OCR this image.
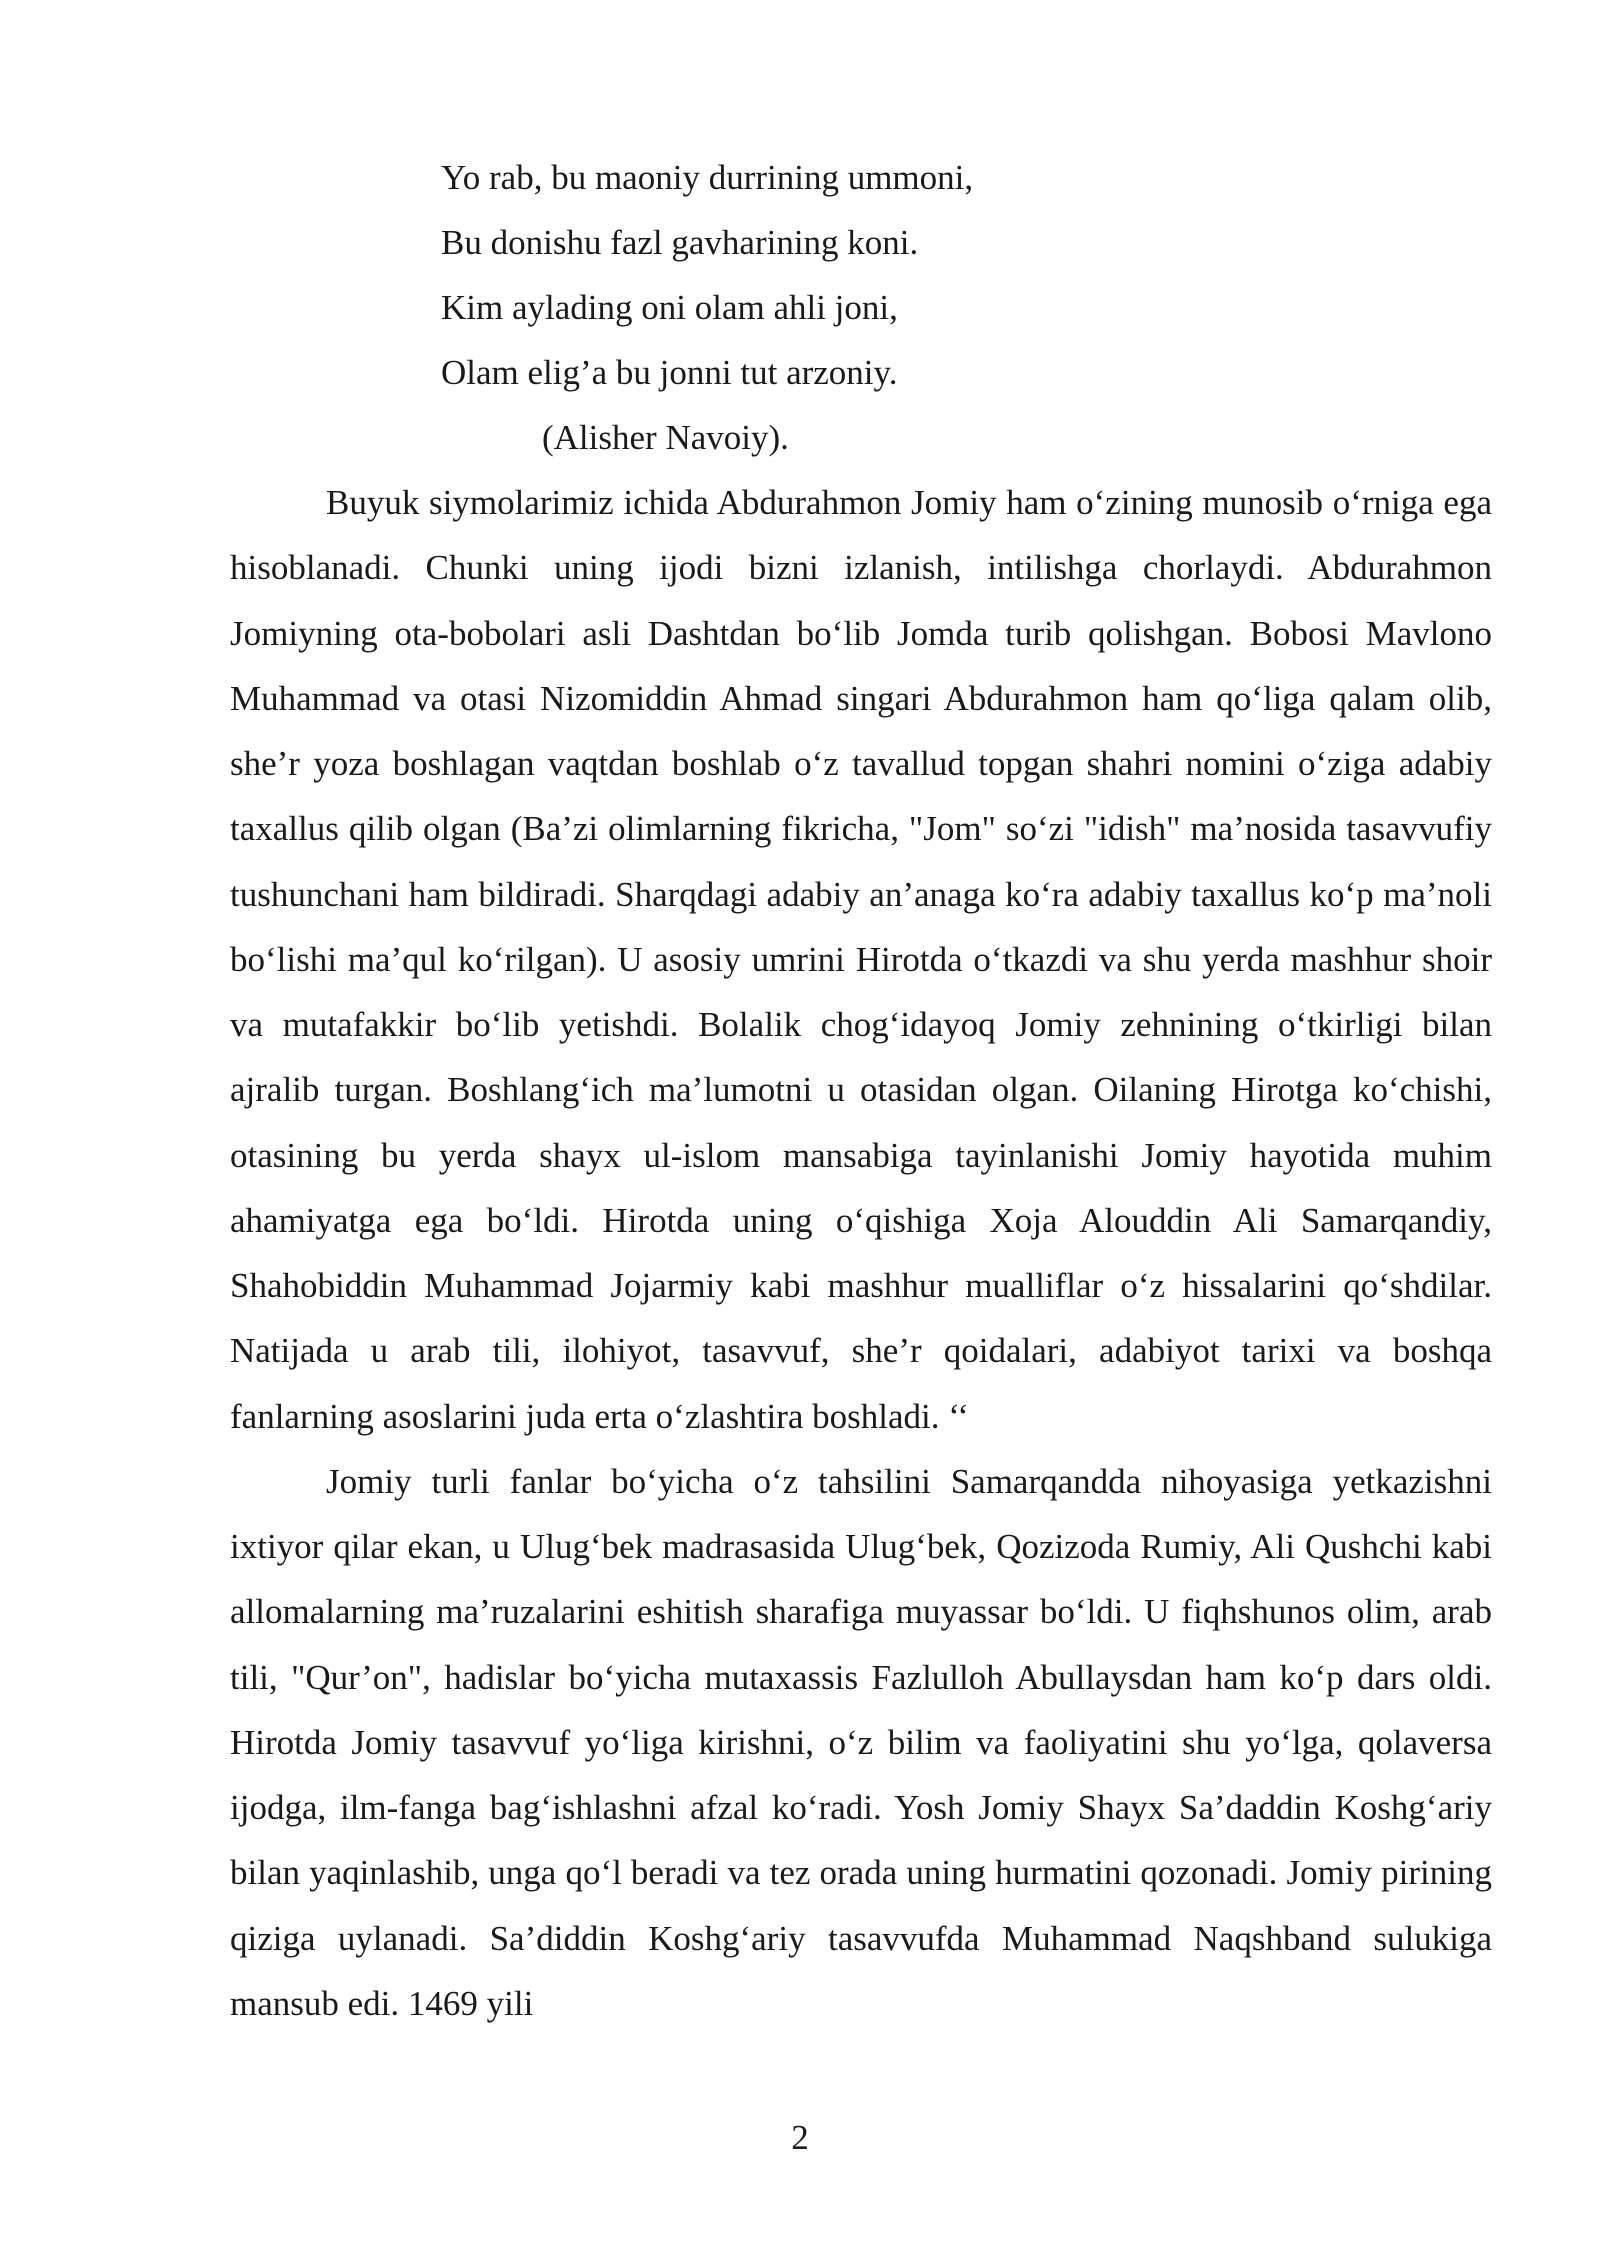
Yo rab, bu maoniy durrining ummoni,
Bu donishu fazl gavharining koni.
Kim aylading oni olam ahli joni,
Olam elig’a bu jonni tut arzoniy.
(Alisher Navoiy).

Buyuk siymolarimiz ichida Abdurahmon Jomiy ham o‘zining munosib o‘rniga ega hisoblanadi. Chunki uning ijodi bizni izlanish, intilishga chorlaydi. Abdurahmon Jomiyning ota-bobolari asli Dashtdan bo‘lib Jomda turib qolishgan. Bobosi Mavlono Muhammad va otasi Nizomiddin Ahmad singari Abdurahmon ham qo‘liga qalam olib, she’r yoza boshlagan vaqtdan boshlab o‘z tavallud topgan shahri nomini o‘ziga adabiy taxallus qilib olgan (Ba’zi olimlarning fikricha, "Jom" so‘zi "idish" ma’nosida tasavvufiy tushunchani ham bildiradi. Sharqdagi adabiy an’anaga ko‘ra adabiy taxallus ko‘p ma’noli bo‘lishi ma’qul ko‘rilgan). U asosiy umrini Hirotda o‘tkazdi va shu yerda mashhur shoir va mutafakkir bo‘lib yetishdi. Bolalik chog‘idayoq Jomiy zehnining o‘tkirligi bilan ajralib turgan. Boshlang‘ich ma’lumotni u otasidan olgan. Oilaning Hirotga ko‘chishi, otasining bu yerda shayx ul-islom mansabiga tayinlanishi Jomiy hayotida muhim ahamiyatga ega bo‘ldi. Hirotda uning o‘qishiga Xoja Alouddin Ali Samarqandiy, Shahobiddin Muhammad Jojarmiy kabi mashhur mualliflar o‘z hissalarini qo‘shdilar. Natijada u arab tili, ilohiyot, tasavvuf, she’r qoidalari, adabiyot tarixi va boshqa fanlarning asoslarini juda erta o‘zlashtira boshladi. ‘‘

Jomiy turli fanlar bo‘yicha o‘z tahsilini Samarqandda nihoyasiga yetkazishni ixtiyor qilar ekan, u Ulug‘bek madrasasida Ulug‘bek, Qozizoda Rumiy, Ali Qushchi kabi allomalarning ma’ruzalarini eshitish sharafiga muyassar bo‘ldi. U fiqhshunos olim, arab tili, "Qur’on", hadislar bo‘yicha mutaxassis Fazlulloh Abullaysdan ham ko‘p dars oldi. Hirotda Jomiy tasavvuf yo‘liga kirishni, o‘z bilim va faoliyatini shu yo‘lga, qolaversa ijodga, ilm-fanga bag‘ishlashni afzal ko‘radi. Yosh Jomiy Shayx Sa’daddin Koshg‘ariy bilan yaqinlashib, unga qo‘l beradi va tez orada uning hurmatini qozonadi. Jomiy pirining qiziga uylanadi. Sa’diddin Koshg‘ariy tasavvufda Muhammad Naqshband sulukiga mansub edi. 1469 yili

2
